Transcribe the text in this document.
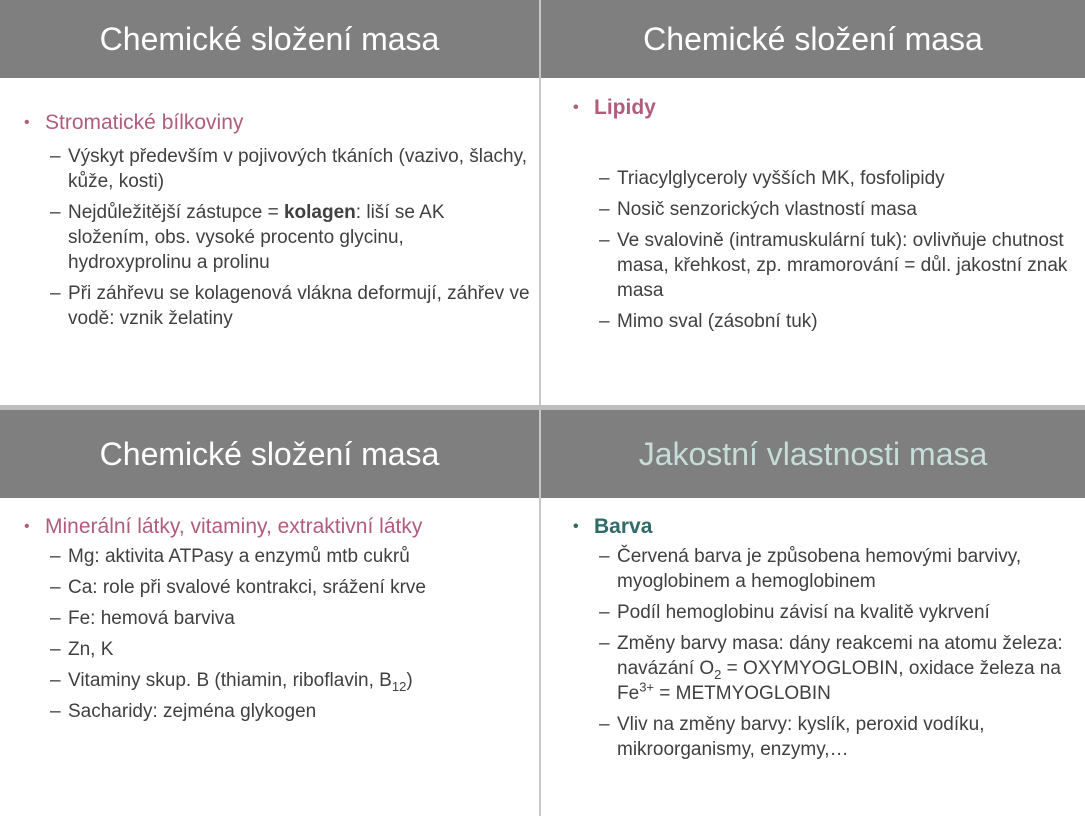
Chemické složení masa
• Stromatické bílkoviny
– Výskyt především v pojivových tkáních (vazivo, šlachy, kůže, kosti)
– Nejdůležitější zástupce = kolagen: liší se AK složením, obs. vysoké procento glycinu, hydroxyprolinu a prolinu
– Při záhřevu se kolagenová vlákna deformují, záhřev ve vodě: vznik želatiny
Chemické složení masa
• Lipidy
– Triacylglyceroly vyšších MK, fosfolipidy
– Nosič senzorických vlastností masa
– Ve svalovině (intramuskulární tuk): ovlivňuje chutnost masa, křehkost, zp. mramorování = důl. jakostní znak masa
– Mimo sval (zásobní tuk)
Chemické složení masa
• Minerální látky, vitaminy, extraktivní látky
– Mg: aktivita ATPasy a enzymů mtb cukrů
– Ca: role při svalové kontrakci, srážení krve
– Fe: hemová barviva
– Zn, K
– Vitaminy skup. B (thiamin, riboflavin, $B_{12}$)
– Sacharidy: zejména glykogen
Jakostní vlastnosti masa
• Barva
– Červená barva je způsobena hemovými barvivy, myoglobinem a hemoglobinem
– Podíl hemoglobinu závisí na kvalitě vykrvení
– Změny barvy masa: dány reakcemi na atomu železa: navázání $O_2$ = OXYMYOGLOBIN, oxidace železa na $Fe^{3+}$ = METMYOGLOBIN
– Vliv na změny barvy: kyslík, peroxid vodíku, mikroorganismy, enzymy,…
